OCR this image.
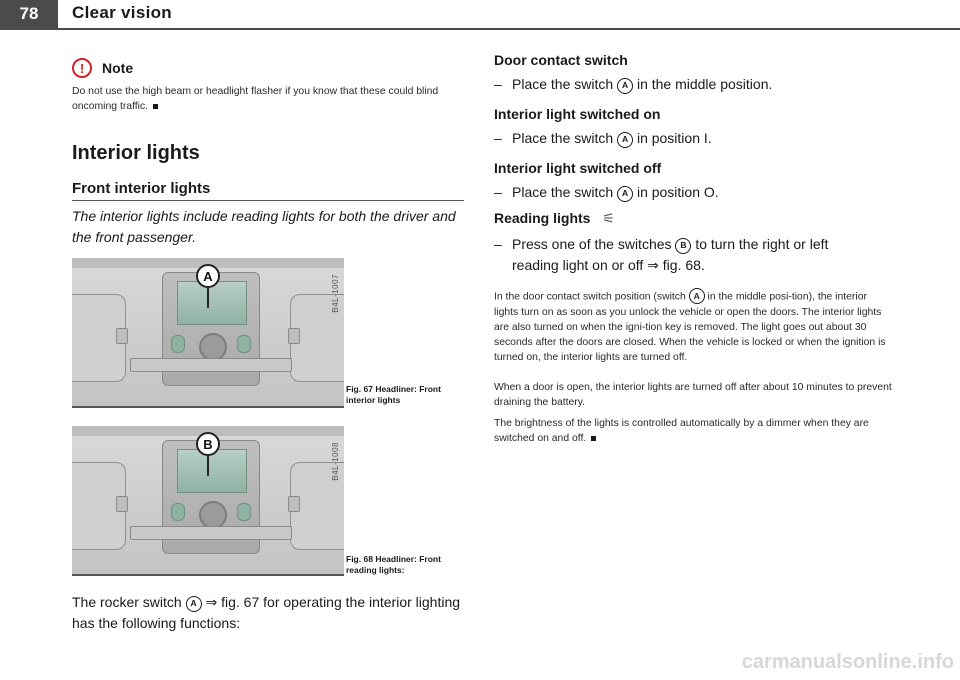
78	Clear vision
!	Note
Do not use the high beam or headlight flasher if you know that these could blind oncoming traffic.
Interior lights
Front interior lights
The interior lights include reading lights for both the driver and the front passenger.
A	B4L-1007
Fig. 67 Headliner: Front interior lights
B	B4L-1008
Fig. 68 Headliner: Front reading lights:
The rocker switch A ⇒ fig. 67 for operating the interior lighting has the following functions:
Door contact switch
– Place the switch A in the middle position.
Interior light switched on
– Place the switch A in position I.
Interior light switched off
– Place the switch A in position O.
Reading lights ⚟
– Press one of the switches B to turn the right or left
reading light on or off ⇒ fig. 68.
In the door contact switch position (switch A in the middle posi-tion), the interior lights turn on as soon as you unlock the vehicle or open the doors. The interior lights are also turned on when the igni-tion key is removed. The light goes out about 30 seconds after the doors are closed. When the vehicle is locked or when the ignition is turned on, the interior lights are turned off.
When a door is open, the interior lights are turned off after about 10 minutes to prevent draining the battery.
The brightness of the lights is controlled automatically by a dimmer when they are switched on and off.
carmanualsonline.info
